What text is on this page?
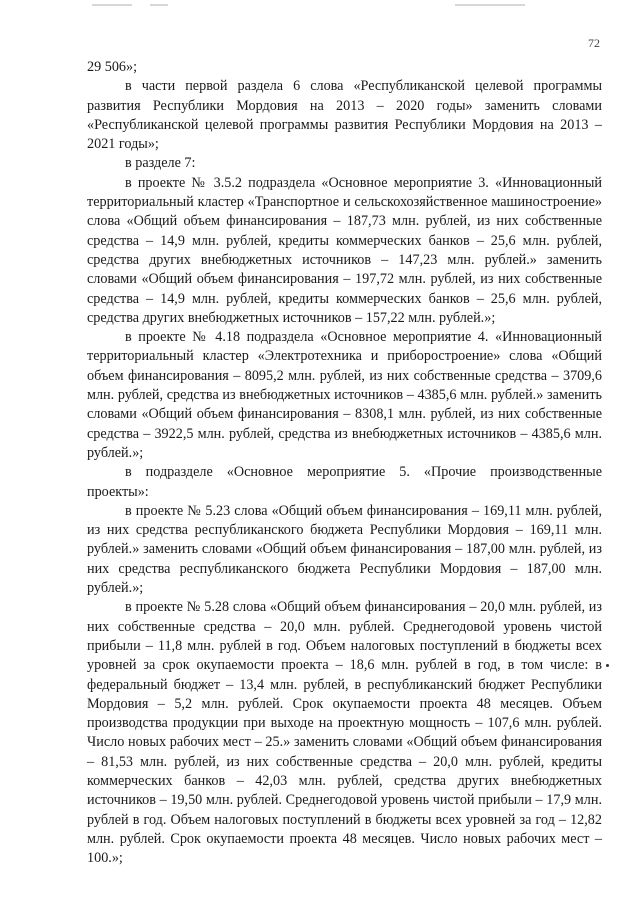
72

29 506»;

в части первой раздела 6 слова «Республиканской целевой программы развития Республики Мордовия на 2013 – 2020 годы» заменить словами «Республиканской целевой программы развития Республики Мордовия на 2013 – 2021 годы»;

в разделе 7:

в проекте № 3.5.2 подраздела «Основное мероприятие 3. «Инновационный территориальный кластер «Транспортное и сельскохозяйственное машиностроение» слова «Общий объем финансирования – 187,73 млн. рублей, из них собственные средства – 14,9 млн. рублей, кредиты коммерческих банков – 25,6 млн. рублей, средства других внебюджетных источников – 147,23 млн. рублей.» заменить словами «Общий объем финансирования – 197,72 млн. рублей, из них собственные средства – 14,9 млн. рублей, кредиты коммерческих банков – 25,6 млн. рублей, средства других внебюджетных источников – 157,22 млн. рублей.»;

в проекте № 4.18 подраздела «Основное мероприятие 4. «Инновационный территориальный кластер «Электротехника и приборостроение» слова «Общий объем финансирования – 8095,2 млн. рублей, из них собственные средства – 3709,6 млн. рублей, средства из внебюджетных источников – 4385,6 млн. рублей.» заменить словами «Общий объем финансирования – 8308,1 млн. рублей, из них собственные средства – 3922,5 млн. рублей, средства из внебюджетных источников – 4385,6 млн. рублей.»;

в подразделе «Основное мероприятие 5. «Прочие производственные проекты»:

в проекте № 5.23 слова «Общий объем финансирования – 169,11 млн. рублей, из них средства республиканского бюджета Республики Мордовия – 169,11 млн. рублей.» заменить словами «Общий объем финансирования – 187,00 млн. рублей, из них средства республиканского бюджета Республики Мордовия – 187,00 млн. рублей.»;

в проекте № 5.28 слова «Общий объем финансирования – 20,0 млн. рублей, из них собственные средства – 20,0 млн. рублей. Среднегодовой уровень чистой прибыли – 11,8 млн. рублей в год. Объем налоговых поступлений в бюджеты всех уровней за срок окупаемости проекта – 18,6 млн. рублей в год, в том числе: в федеральный бюджет – 13,4 млн. рублей, в республиканский бюджет Республики Мордовия – 5,2 млн. рублей. Срок окупаемости проекта 48 месяцев. Объем производства продукции при выходе на проектную мощность – 107,6 млн. рублей. Число новых рабочих мест – 25.» заменить словами «Общий объем финансирования – 81,53 млн. рублей, из них собственные средства – 20,0 млн. рублей, кредиты коммерческих банков – 42,03 млн. рублей, средства других внебюджетных источников – 19,50 млн. рублей. Среднегодовой уровень чистой прибыли – 17,9 млн. рублей в год. Объем налоговых поступлений в бюджеты всех уровней за год – 12,82 млн. рублей. Срок окупаемости проекта 48 месяцев. Число новых рабочих мест – 100.»;
